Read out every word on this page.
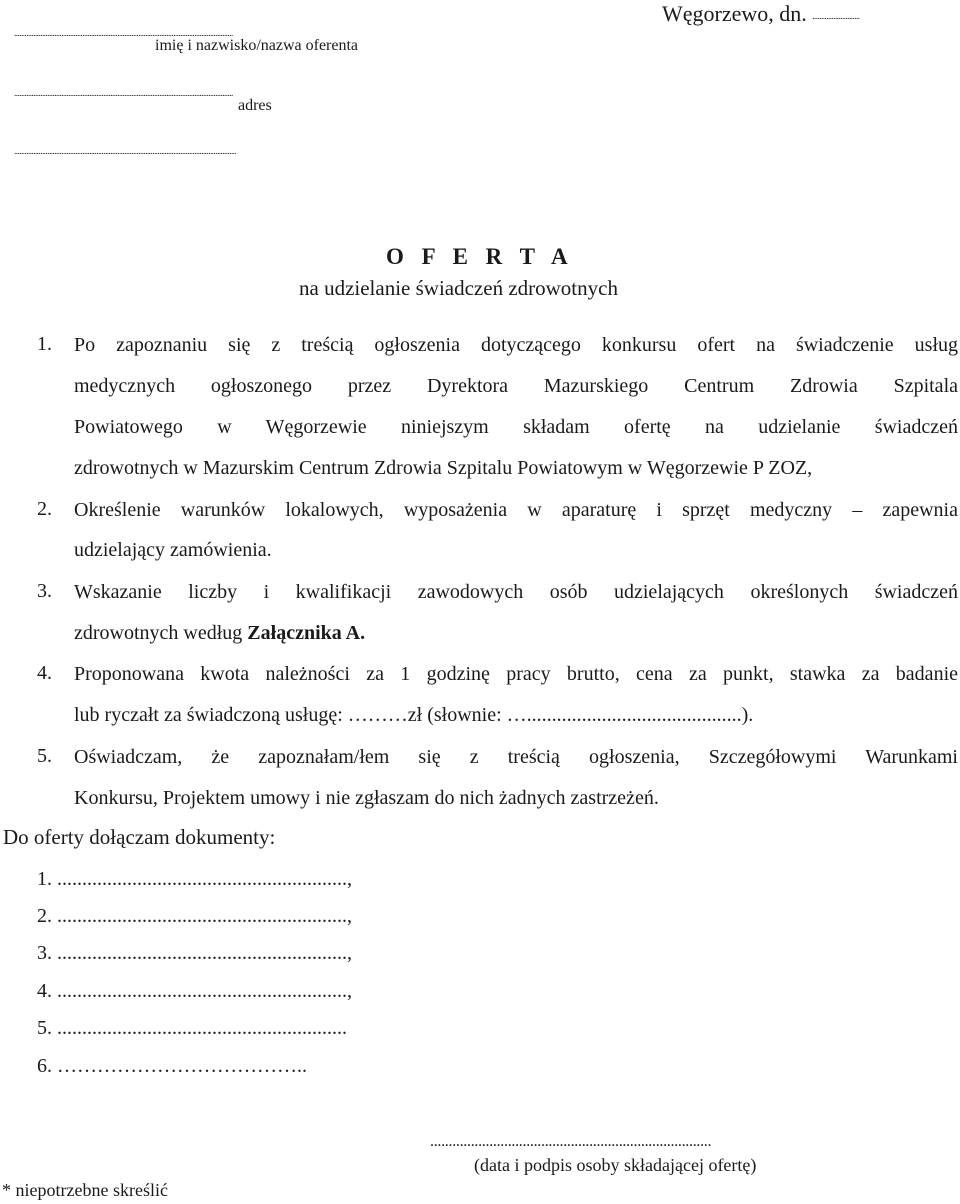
.............................................................................................................................
imię i nazwisko/nazwa oferenta
.............................................................................................................................
adres
...............................................................................................................................
Węgorzewo, dn. ...........................
O F E R T A
na udzielanie świadczeń zdrowotnych
1. Po zapoznaniu się z treścią ogłoszenia dotyczącego konkursu ofert na świadczenie usług
medycznych ogłoszonego przez Dyrektora Mazurskiego Centrum Zdrowia Szpitala
Powiatowego w Węgorzewie niniejszym składam ofertę na udzielanie świadczeń
zdrowotnych w Mazurskim Centrum Zdrowia Szpitalu Powiatowym w Węgorzewie P ZOZ,
2. Określenie warunków lokalowych, wyposażenia w aparaturę i sprzęt medyczny – zapewnia
udzielający zamówienia.
3. Wskazanie liczby i kwalifikacji zawodowych osób udzielających określonych świadczeń
zdrowotnych według Załącznika A.
4. Proponowana kwota należności za 1 godzinę pracy brutto, cena za punkt, stawka za badanie
lub ryczałt za świadczoną usługę: ………zł (słownie: …...........................................).
5. Oświadczam, że zapoznałam/łem się z treścią ogłoszenia, Szczegółowymi Warunkami
Konkursu, Projektem umowy i nie zgłaszam do nich żadnych zastrzeżeń.
Do oferty dołączam dokumenty:
1. ..........................................................,
2. ..........................................................,
3. ..........................................................,
4. ..........................................................,
5. ..........................................................
6. ………………………………..
............................................................................
(data i podpis osoby składającej ofertę)
* niepotrzebne skreślić
